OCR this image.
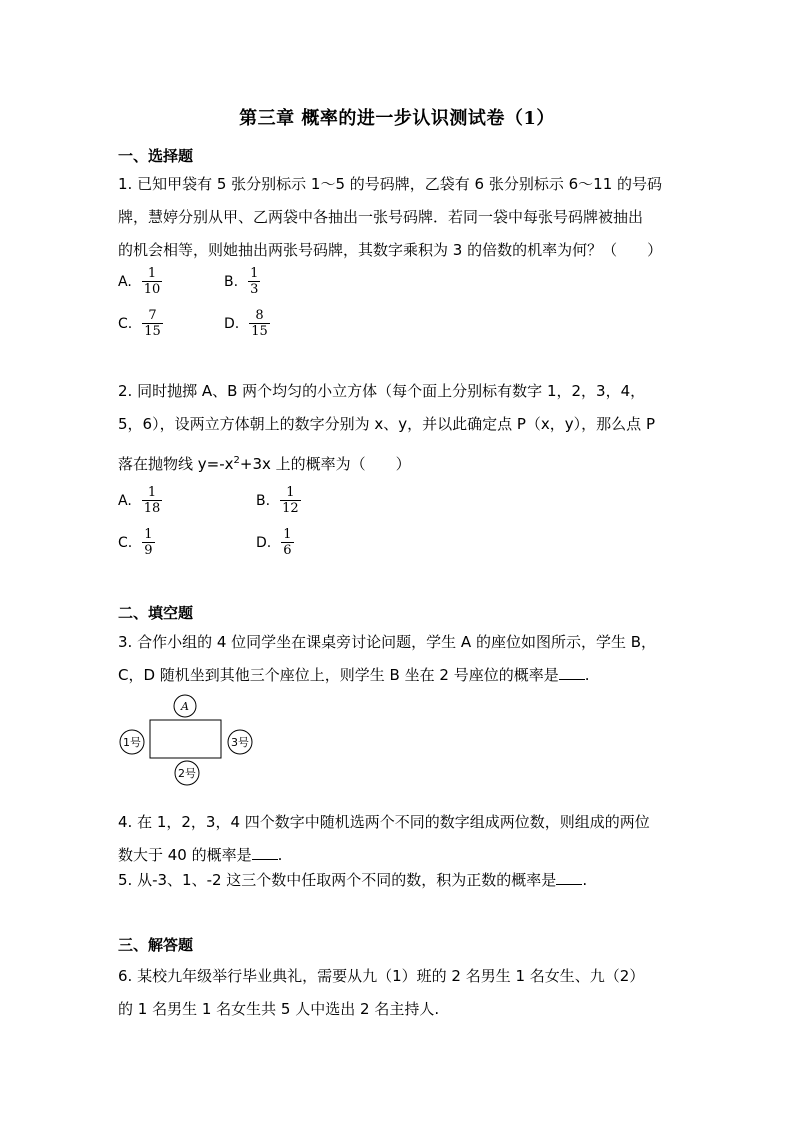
第三章 概率的进一步认识测试卷（1）
一、选择题
1. 已知甲袋有 5 张分别标示 1～5 的号码牌，乙袋有 6 张分别标示 6～11 的号码
牌，慧婷分别从甲、乙两袋中各抽出一张号码牌．若同一袋中每张号码牌被抽出
的机会相等，则她抽出两张号码牌，其数字乘积为 3 的倍数的机率为何？（　　）
A. $\frac{1}{10}$	B. $\frac{1}{3}$
C. $\frac{7}{15}$	D. $\frac{8}{15}$
2. 同时抛掷 A、B 两个均匀的小立方体（每个面上分别标有数字 1，2，3，4，
5，6），设两立方体朝上的数字分别为 x、y，并以此确定点 P（x，y），那么点 P
落在抛物线 $y=-x^2+3x$ 上的概率为（　　）
A. $\frac{1}{18}$	B. $\frac{1}{12}$
C. $\frac{1}{9}$	D. $\frac{1}{6}$
二、填空题
3. 合作小组的 4 位同学坐在课桌旁讨论问题，学生 A 的座位如图所示，学生 B，
C，D 随机坐到其他三个座位上，则学生 B 坐在 2 号座位的概率是 .
A
1号	3号
2号
4. 在 1，2，3，4 四个数字中随机选两个不同的数字组成两位数，则组成的两位
数大于 40 的概率是 .
5. 从-3、1、-2 这三个数中任取两个不同的数，积为正数的概率是 .
三、解答题
6. 某校九年级举行毕业典礼，需要从九（1）班的 2 名男生 1 名女生、九（2）
的 1 名男生 1 名女生共 5 人中选出 2 名主持人.
